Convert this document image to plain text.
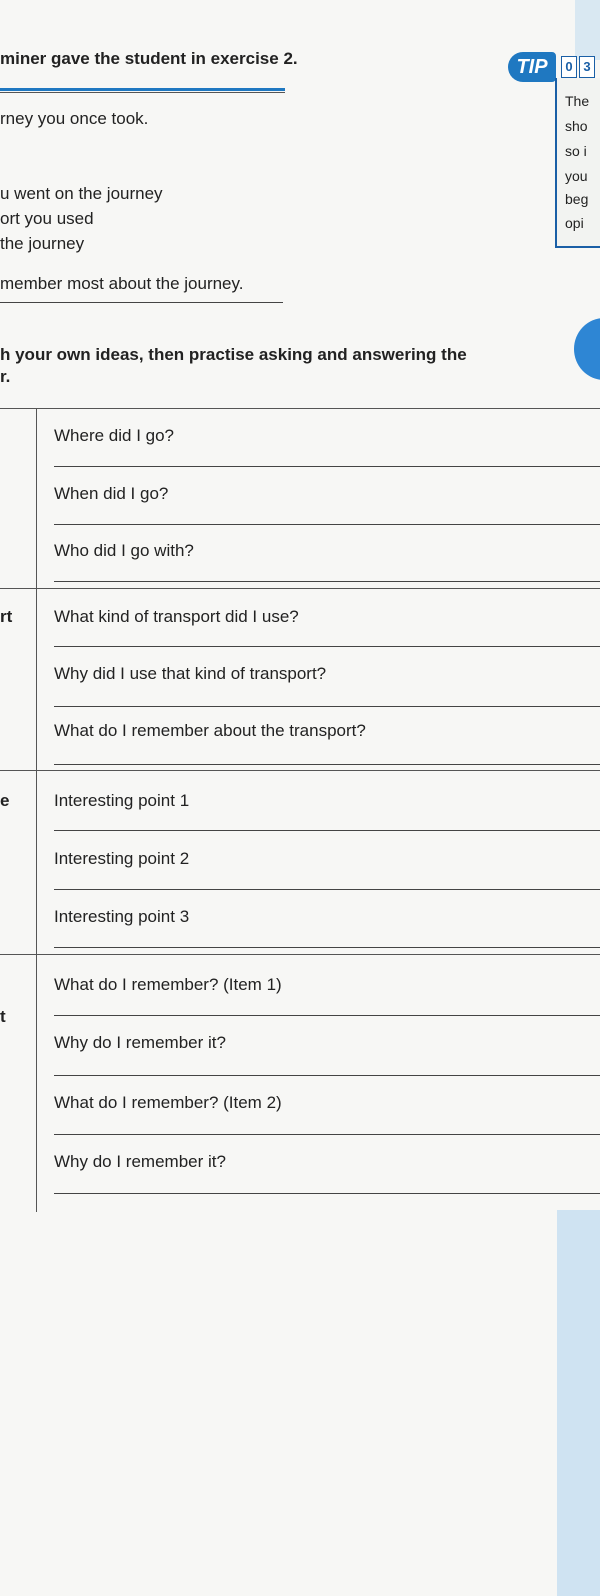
miner gave the student in exercise 2.
rney you once took.
u went on the journey
ort you used
the journey
member most about the journey.
h your own ideas, then practise asking and answering the
r.
TIP	0 3
The
sho
so i
you
beg
opi
Where did I go?
When did I go?
Who did I go with?
rt What kind of transport did I use?
Why did I use that kind of transport?
What do I remember about the transport?
e	Interesting point 1
Interesting point 2
Interesting point 3
What do I remember? (Item 1)
t
Why do I remember it?
What do I remember? (Item 2)
Why do I remember it?
